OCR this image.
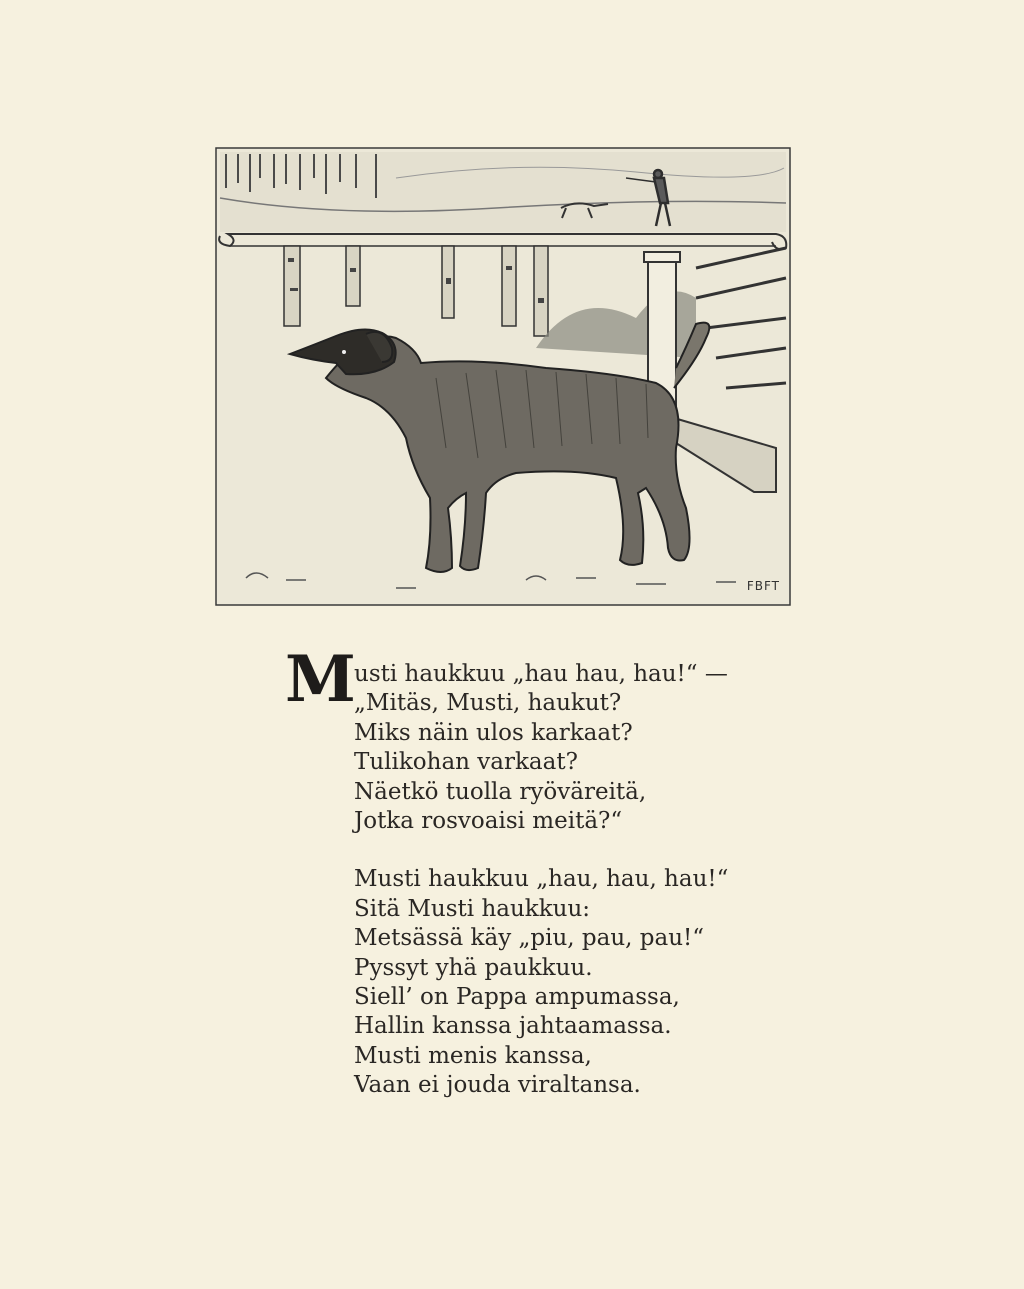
FBFT
M
usti haukkuu „hau hau, hau!“ —
„Mitäs, Musti, haukut?
Miks näin ulos karkaat?
Tulikohan varkaat?
Näetkö tuolla ryöväreitä,
Jotka rosvoaisi meitä?“
Musti haukkuu „hau, hau, hau!“
Sitä Musti haukkuu:
Metsässä käy „piu, pau, pau!“
Pyssyt yhä paukkuu.
Siell’ on Pappa ampumassa,
Hallin kanssa jahtaamassa.
Musti menis kanssa,
Vaan ei jouda viraltansa.
